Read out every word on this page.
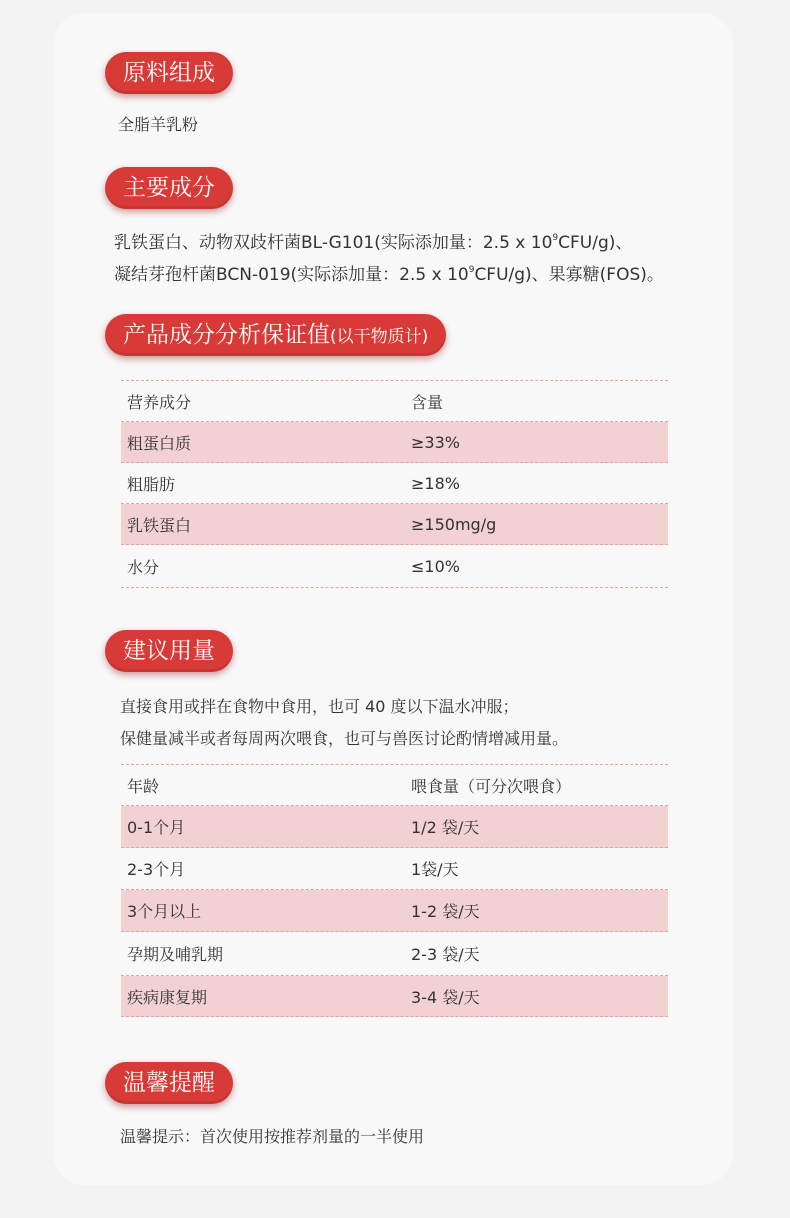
原料组成
全脂羊乳粉
主要成分
乳铁蛋白、动物双歧杆菌BL-G101(实际添加量：2.5 x $10^9CFU/g$)、
凝结芽孢杆菌BCN-019(实际添加量：2.5 x $10^9CFU/g$)、果寡糖(FOS)。
产品成分分析保证值(以干物质计)
营养成分	含量
粗蛋白质	≥33%
粗脂肪	≥18%
乳铁蛋白	≥150mg/g
水分	≤10%
建议用量
直接食用或拌在食物中食用，也可 40 度以下温水冲服；
保健量减半或者每周两次喂食，也可与兽医讨论酌情增减用量。
年龄	喂食量（可分次喂食）
0-1个月	1/2 袋/天
2-3个月	1袋/天
3个月以上	1-2 袋/天
孕期及哺乳期	2-3 袋/天
疾病康复期	3-4 袋/天
温馨提醒
温馨提示：首次使用按推荐剂量的一半使用
